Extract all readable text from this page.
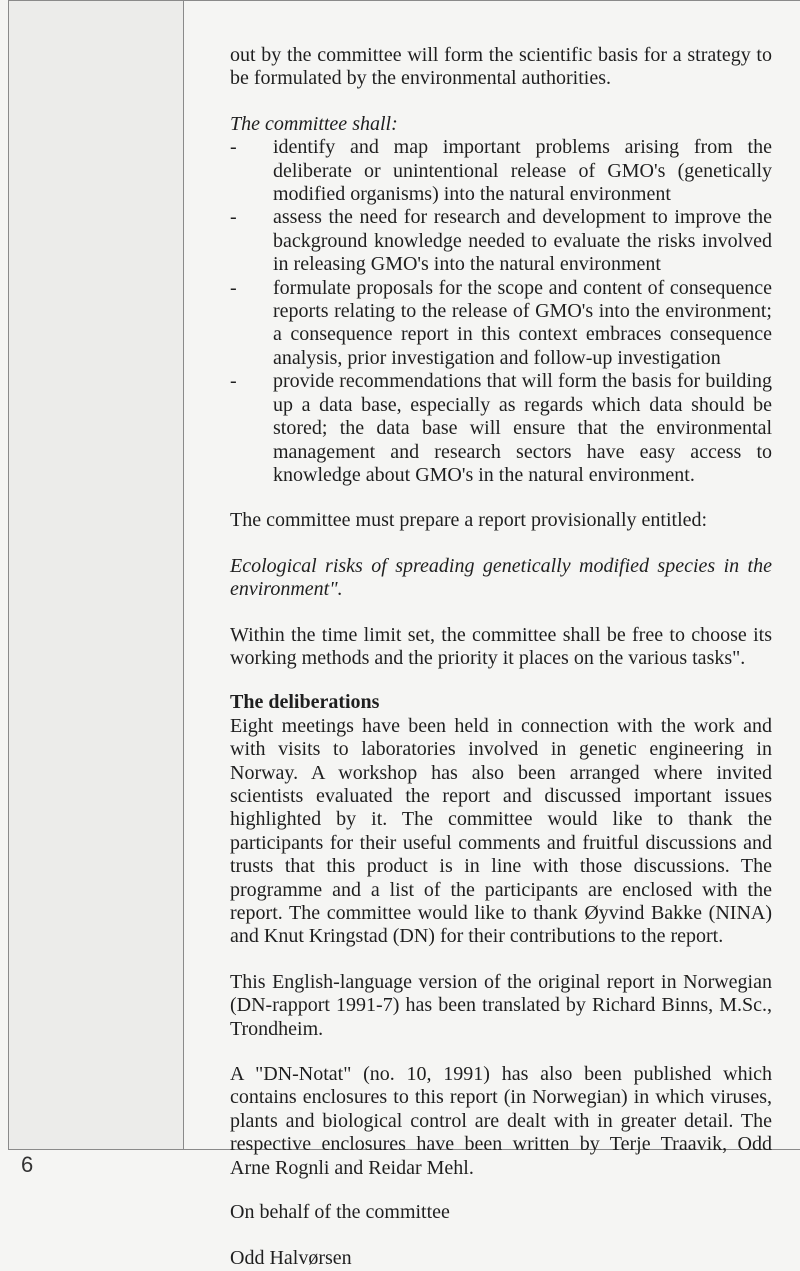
out by the committee will form the scientific basis for a strategy to be formulated by the environmental authorities.

The committee shall:

- identify and map important problems arising from the deliberate or unintentional release of GMO's (genetically modified organisms) into the natural environment
- assess the need for research and development to improve the background knowledge needed to evaluate the risks involved in releasing GMO's into the natural environment
- formulate proposals for the scope and content of consequence reports relating to the release of GMO's into the environment; a consequence report in this context embraces consequence analysis, prior investigation and follow-up investigation
- provide recommendations that will form the basis for building up a data base, especially as regards which data should be stored; the data base will ensure that the environmental management and research sectors have easy access to knowledge about GMO's in the natural environment.

The committee must prepare a report provisionally entitled:

Ecological risks of spreading genetically modified species in the environment".

Within the time limit set, the committee shall be free to choose its working methods and the priority it places on the various tasks".

The deliberations

Eight meetings have been held in connection with the work and with visits to laboratories involved in genetic engineering in Norway. A workshop has also been arranged where invited scientists evaluated the report and discussed important issues highlighted by it. The committee would like to thank the participants for their useful comments and fruitful discussions and trusts that this product is in line with those discussions. The programme and a list of the participants are enclosed with the report. The committee would like to thank Øyvind Bakke (NINA) and Knut Kringstad (DN) for their contributions to the report.

This English-language version of the original report in Norwegian (DN-rapport 1991-7) has been translated by Richard Binns, M.Sc., Trondheim.

A "DN-Notat" (no. 10, 1991) has also been published which contains enclosures to this report (in Norwegian) in which viruses, plants and biological control are dealt with in greater detail. The respective enclosures have been written by Terje Traavik, Odd Arne Rognli and Reidar Mehl.

On behalf of the committee

Odd Halvørsen

6
